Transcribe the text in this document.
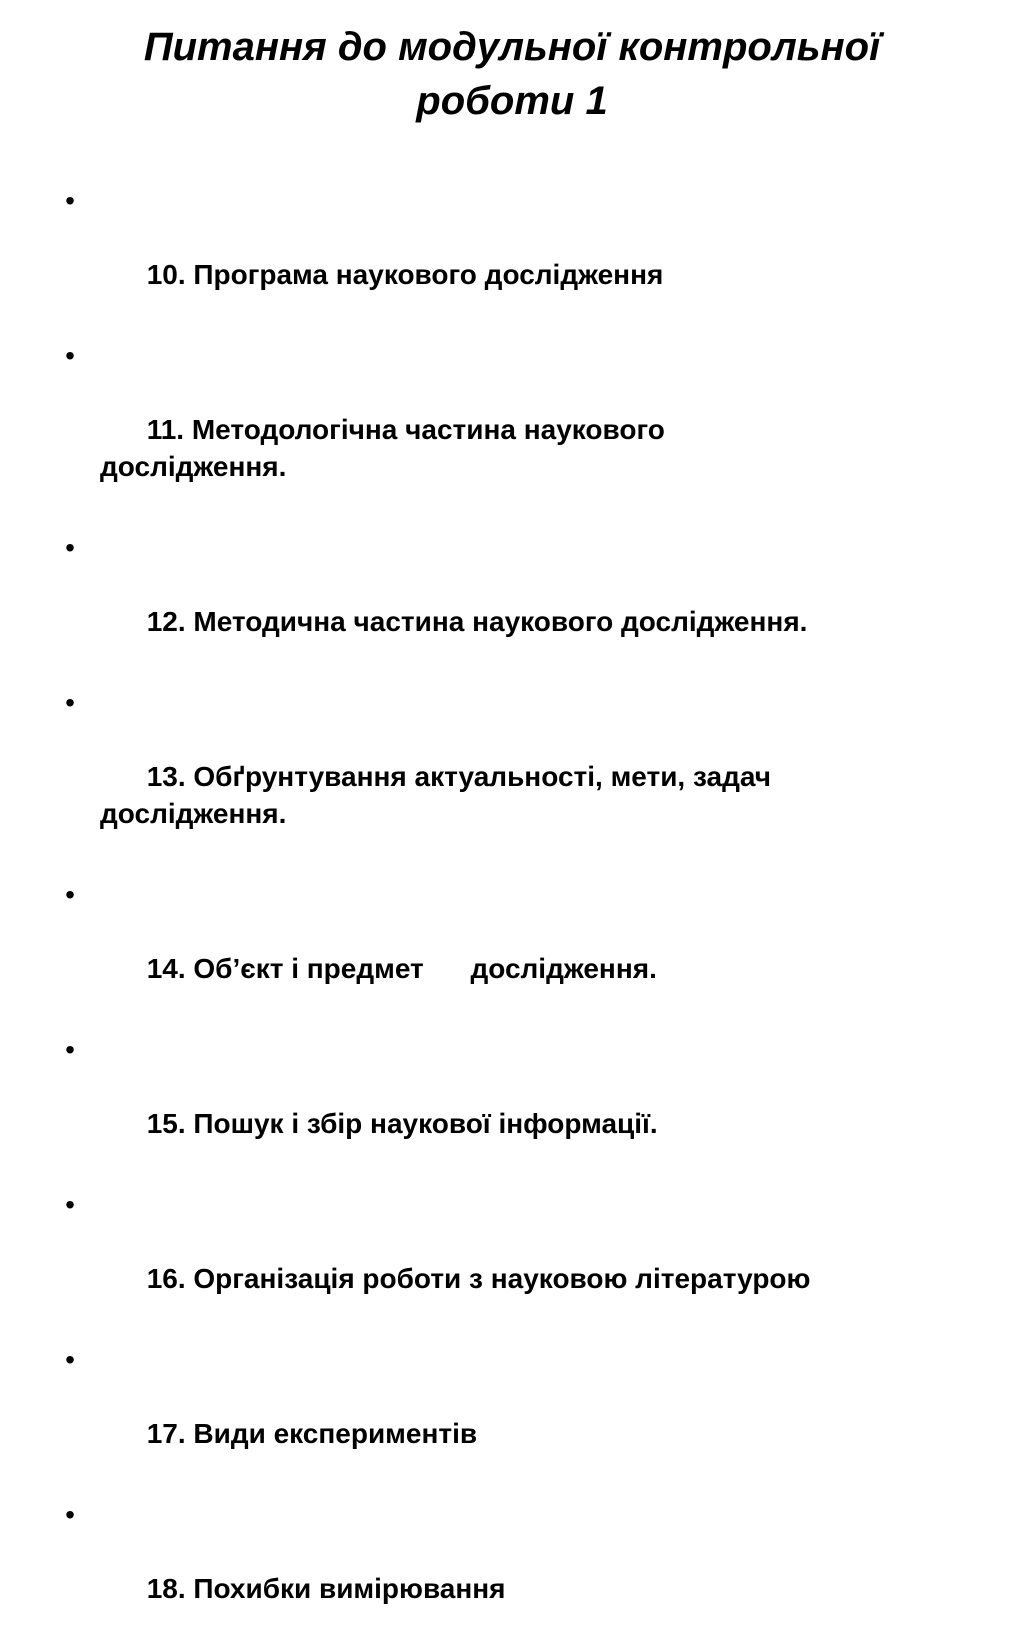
Питання до модульної контрольної
роботи 1

•

10. Програма наукового дослідження

•

11. Методологічна частина наукового
дослідження.

•

12. Методична частина наукового дослідження.

•

13. Обґрунтування актуальності, мети, задач
дослідження.

•

14. Об’єкт і предмет      дослідження.

•

15. Пошук і збір наукової інформації.

•

16. Організація роботи з науковою літературою

•

17. Види експериментів

•

18. Похибки вимірювання
